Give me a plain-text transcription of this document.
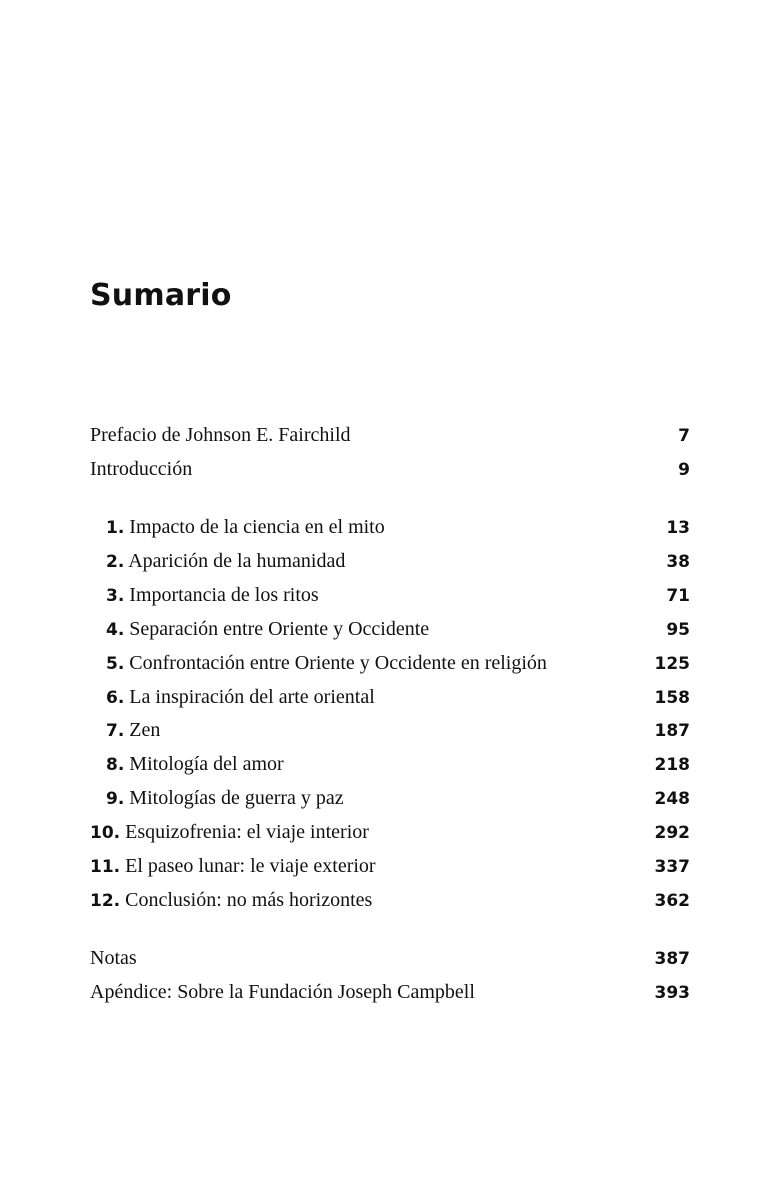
Sumario
Prefacio de Johnson E. Fairchild	7
Introducción	9
1. Impacto de la ciencia en el mito	13
2. Aparición de la humanidad	38
3. Importancia de los ritos	71
4. Separación entre Oriente y Occidente	95
5. Confrontación entre Oriente y Occidente en religión	125
6. La inspiración del arte oriental	158
7. Zen	187
8. Mitología del amor	218
9. Mitologías de guerra y paz	248
10. Esquizofrenia: el viaje interior	292
11. El paseo lunar: le viaje exterior	337
12. Conclusión: no más horizontes	362
Notas	387
Apéndice: Sobre la Fundación Joseph Campbell	393
